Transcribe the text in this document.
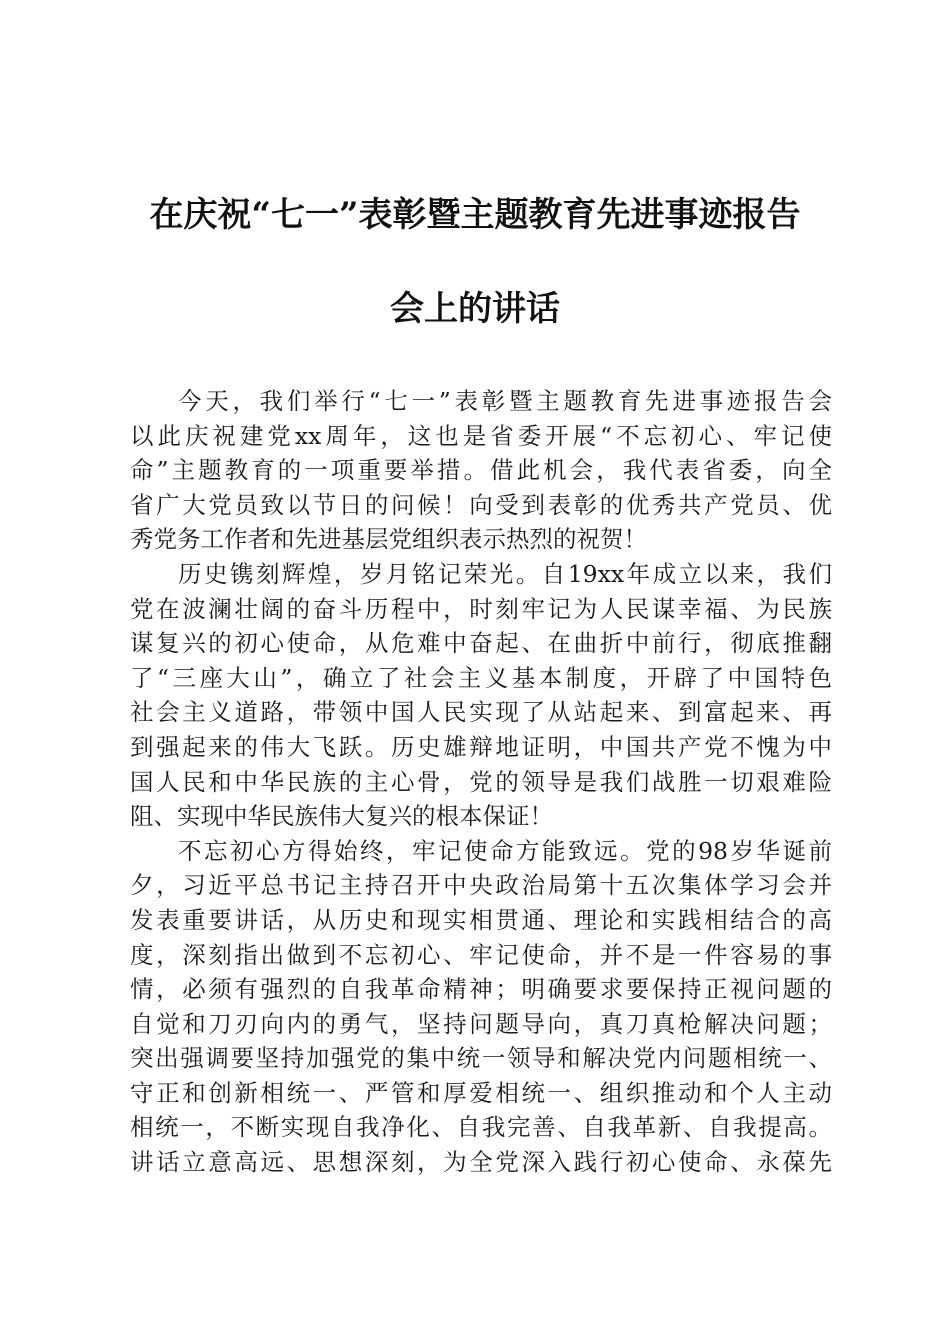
在庆祝“七一”表彰暨主题教育先进事迹报告
会上的讲话
今天，我们举行“七一”表彰暨主题教育先进事迹报告会
以此庆祝建党xx周年，这也是省委开展“不忘初心、牢记使
命”主题教育的一项重要举措。借此机会，我代表省委，向全
省广大党员致以节日的问候！向受到表彰的优秀共产党员、优
秀党务工作者和先进基层党组织表示热烈的祝贺！
历史镌刻辉煌，岁月铭记荣光。自19xx年成立以来，我们
党在波澜壮阔的奋斗历程中，时刻牢记为人民谋幸福、为民族
谋复兴的初心使命，从危难中奋起、在曲折中前行，彻底推翻
了“三座大山”，确立了社会主义基本制度，开辟了中国特色
社会主义道路，带领中国人民实现了从站起来、到富起来、再
到强起来的伟大飞跃。历史雄辩地证明，中国共产党不愧为中
国人民和中华民族的主心骨，党的领导是我们战胜一切艰难险
阻、实现中华民族伟大复兴的根本保证！
不忘初心方得始终，牢记使命方能致远。党的98岁华诞前
夕，习近平总书记主持召开中央政治局第十五次集体学习会并
发表重要讲话，从历史和现实相贯通、理论和实践相结合的高
度，深刻指出做到不忘初心、牢记使命，并不是一件容易的事
情，必须有强烈的自我革命精神；明确要求要保持正视问题的
自觉和刀刃向内的勇气，坚持问题导向，真刀真枪解决问题；
突出强调要坚持加强党的集中统一领导和解决党内问题相统一、
守正和创新相统一、严管和厚爱相统一、组织推动和个人主动
相统一，不断实现自我净化、自我完善、自我革新、自我提高。
讲话立意高远、思想深刻，为全党深入践行初心使命、永葆先
